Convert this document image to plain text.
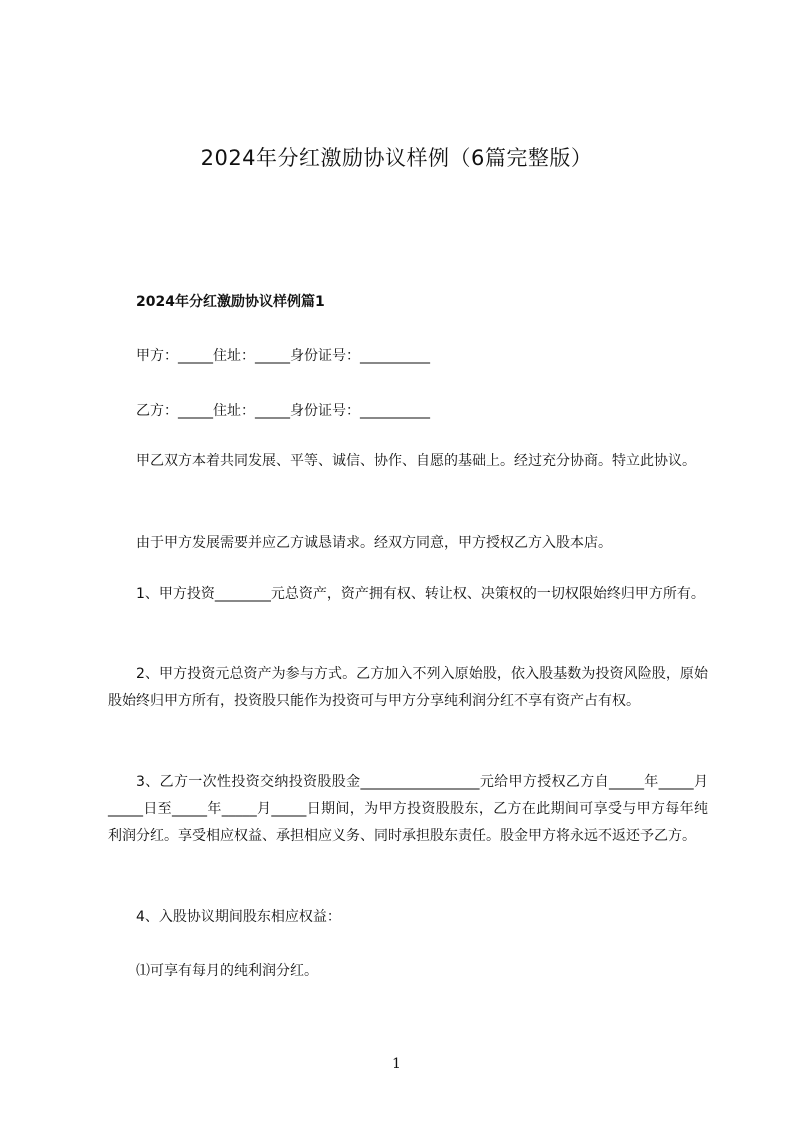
2024年分红激励协议样例（6篇完整版）
2024年分红激励协议样例篇1

甲方：_____住址：_____身份证号：__________

乙方：_____住址：_____身份证号：__________

甲乙双方本着共同发展、平等、诚信、协作、自愿的基础上。经过充分协商。特立此协议。

由于甲方发展需要并应乙方诚恳请求。经双方同意，甲方授权乙方入股本店。

1、甲方投资________元总资产，资产拥有权、转让权、决策权的一切权限始终归甲方所有。

2、甲方投资元总资产为参与方式。乙方加入不列入原始股，依入股基数为投资风险股，原始股始终归甲方所有，投资股只能作为投资可与甲方分享纯利润分红不享有资产占有权。

3、乙方一次性投资交纳投资股股金_________________元给甲方授权乙方自_____年_____月_____日至_____年_____月_____日期间，为甲方投资股股东，乙方在此期间可享受与甲方每年纯利润分红。享受相应权益、承担相应义务、同时承担股东责任。股金甲方将永远不返还予乙方。

4、入股协议期间股东相应权益：

⑴可享有每月的纯利润分红。

1
